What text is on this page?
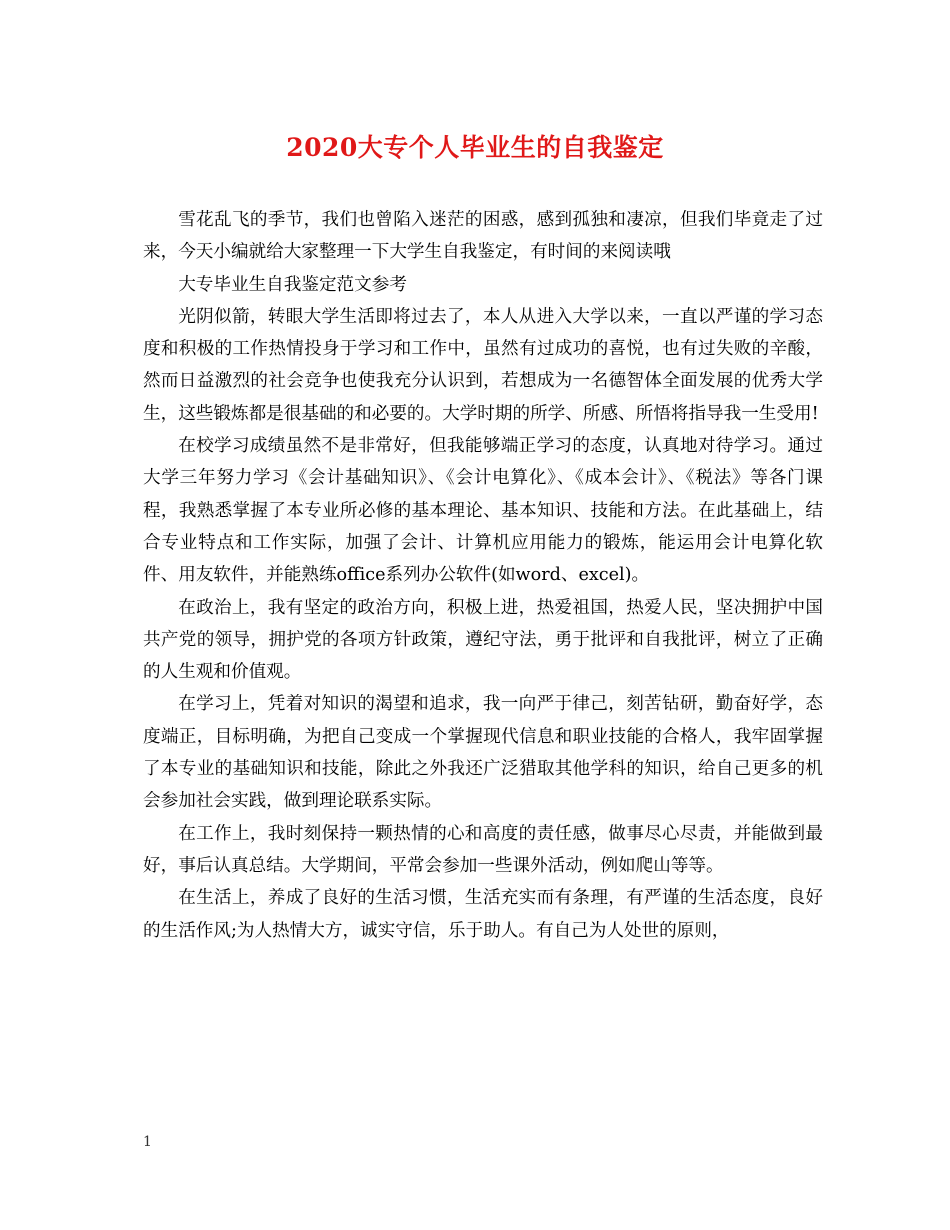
2020大专个人毕业生的自我鉴定

雪花乱飞的季节，我们也曾陷入迷茫的困惑，感到孤独和凄凉，但我们毕竟走了过来，今天小编就给大家整理一下大学生自我鉴定，有时间的来阅读哦

大专毕业生自我鉴定范文参考

光阴似箭，转眼大学生活即将过去了，本人从进入大学以来，一直以严谨的学习态度和积极的工作热情投身于学习和工作中，虽然有过成功的喜悦，也有过失败的辛酸，然而日益激烈的社会竞争也使我充分认识到，若想成为一名德智体全面发展的优秀大学生，这些锻炼都是很基础的和必要的。大学时期的所学、所感、所悟将指导我一生受用!

在校学习成绩虽然不是非常好，但我能够端正学习的态度，认真地对待学习。通过大学三年努力学习《会计基础知识》、《会计电算化》、《成本会计》、《税法》等各门课程，我熟悉掌握了本专业所必修的基本理论、基本知识、技能和方法。在此基础上，结合专业特点和工作实际，加强了会计、计算机应用能力的锻炼，能运用会计电算化软件、用友软件，并能熟练office系列办公软件(如word、excel)。

在政治上，我有坚定的政治方向，积极上进，热爱祖国，热爱人民，坚决拥护中国共产党的领导，拥护党的各项方针政策，遵纪守法，勇于批评和自我批评，树立了正确的人生观和价值观。

在学习上，凭着对知识的渴望和追求，我一向严于律己，刻苦钻研，勤奋好学，态度端正，目标明确，为把自己变成一个掌握现代信息和职业技能的合格人，我牢固掌握了本专业的基础知识和技能，除此之外我还广泛猎取其他学科的知识，给自己更多的机会参加社会实践，做到理论联系实际。

在工作上，我时刻保持一颗热情的心和高度的责任感，做事尽心尽责，并能做到最好，事后认真总结。大学期间，平常会参加一些课外活动，例如爬山等等。

在生活上，养成了良好的生活习惯，生活充实而有条理，有严谨的生活态度，良好的生活作风;为人热情大方，诚实守信，乐于助人。有自己为人处世的原则，

1
